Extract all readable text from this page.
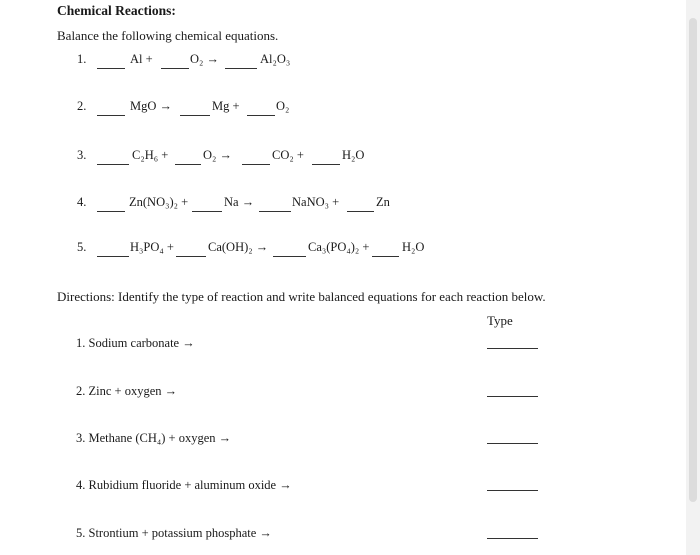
Chemical Reactions:
Balance the following chemical equations.
1.	Al +	O₂ →	Al₂O₃
2.	MgO →	Mg +	O₂
3.	C₂H₆ +	O₂ →	CO₂ +	H₂O
4.	Zn(NO₃)₂ +	Na →	NaNO₃ +	Zn
5.	H₃PO₄ +	Ca(OH)₂ →	Ca₃(PO₄)₂ +	H₂O
Directions: Identify the type of reaction and write balanced equations for each reaction below.
Type
1. Sodium carbonate →
2. Zinc + oxygen →
3. Methane (CH₄) + oxygen →
4. Rubidium fluoride + aluminum oxide →
5. Strontium + potassium phosphate →
